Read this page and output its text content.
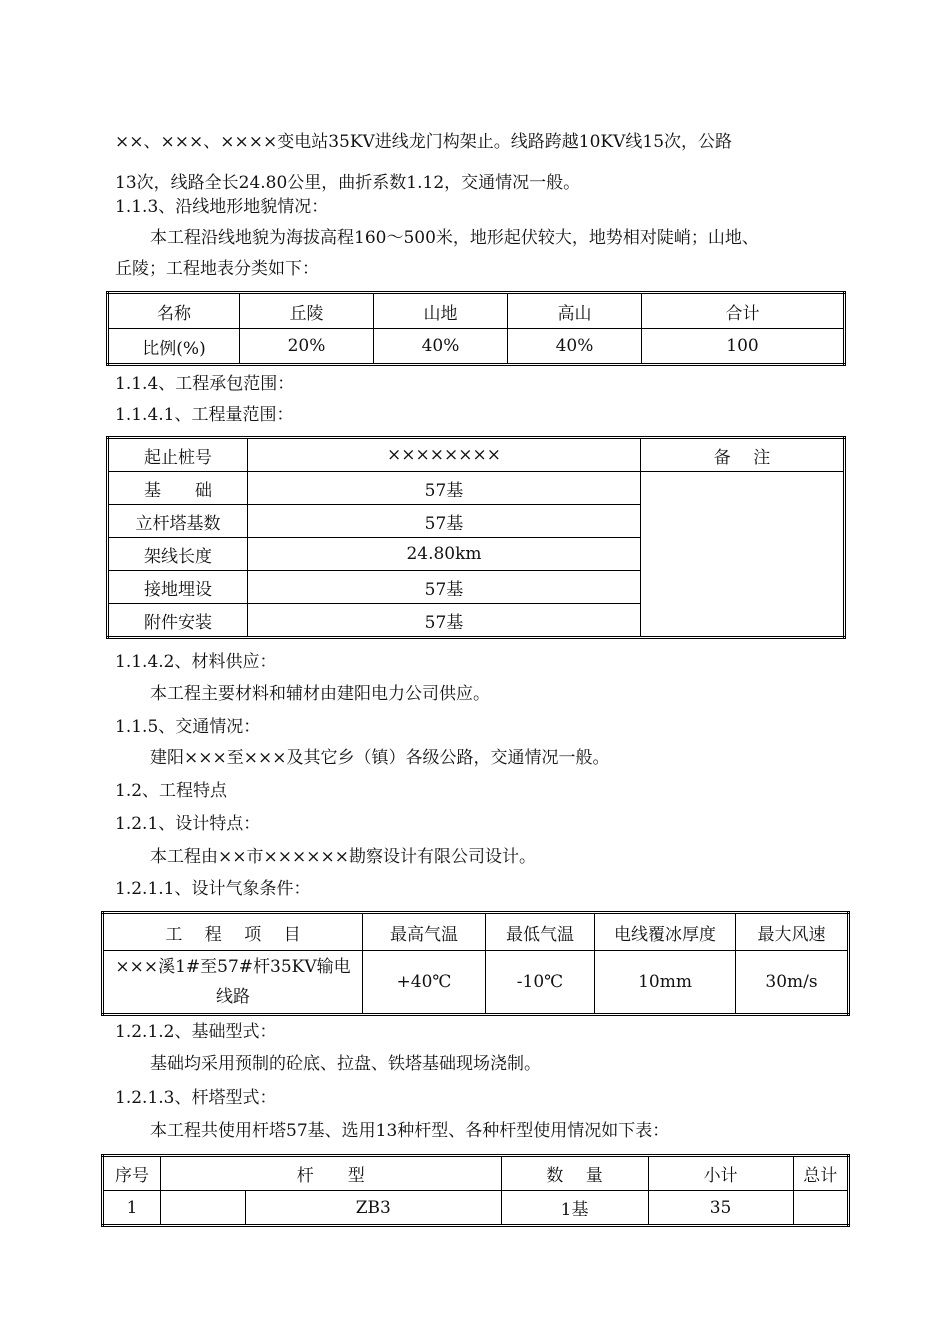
××、×××、××××变电站35KV进线龙门构架止。线路跨越10KV线15次，公路
13次，线路全长24.80公里，曲折系数1.12，交通情况一般。
1.1.3、沿线地形地貌情况：
本工程沿线地貌为海拔高程160～500米，地形起伏较大，地势相对陡峭；山地、
丘陵；工程地表分类如下：
名称	丘陵	山地	高山	合计
比例(%)	20%	40%	40%	100
1.1.4、工程承包范围：
1.1.4.1、工程量范围：
起止桩号	××××××××	备　 注
基　　础	57基	
立杆塔基数	57基	
架线长度	24.80km	
接地埋设	57基	
附件安装	57基	
1.1.4.2、材料供应：
本工程主要材料和辅材由建阳电力公司供应。
1.1.5、交通情况：
建阳×××至×××及其它乡（镇）各级公路，交通情况一般。
1.2、工程特点
1.2.1、设计特点：
本工程由××市××××××勘察设计有限公司设计。
1.2.1.1、设计气象条件：
工　 程　 项　 目	最高气温	最低气温	电线覆冰厚度	最大风速
×××溪1#至57#杆35KV输电线路	+40℃	-10℃	10mm	30m/s
1.2.1.2、基础型式：
基础均采用预制的砼底、拉盘、铁塔基础现场浇制。
1.2.1.3、杆塔型式：
本工程共使用杆塔57基、选用13种杆型、各种杆型使用情况如下表：
序号	杆　　型		数　 量	小计	总计
1		ZB3	1基	35	
